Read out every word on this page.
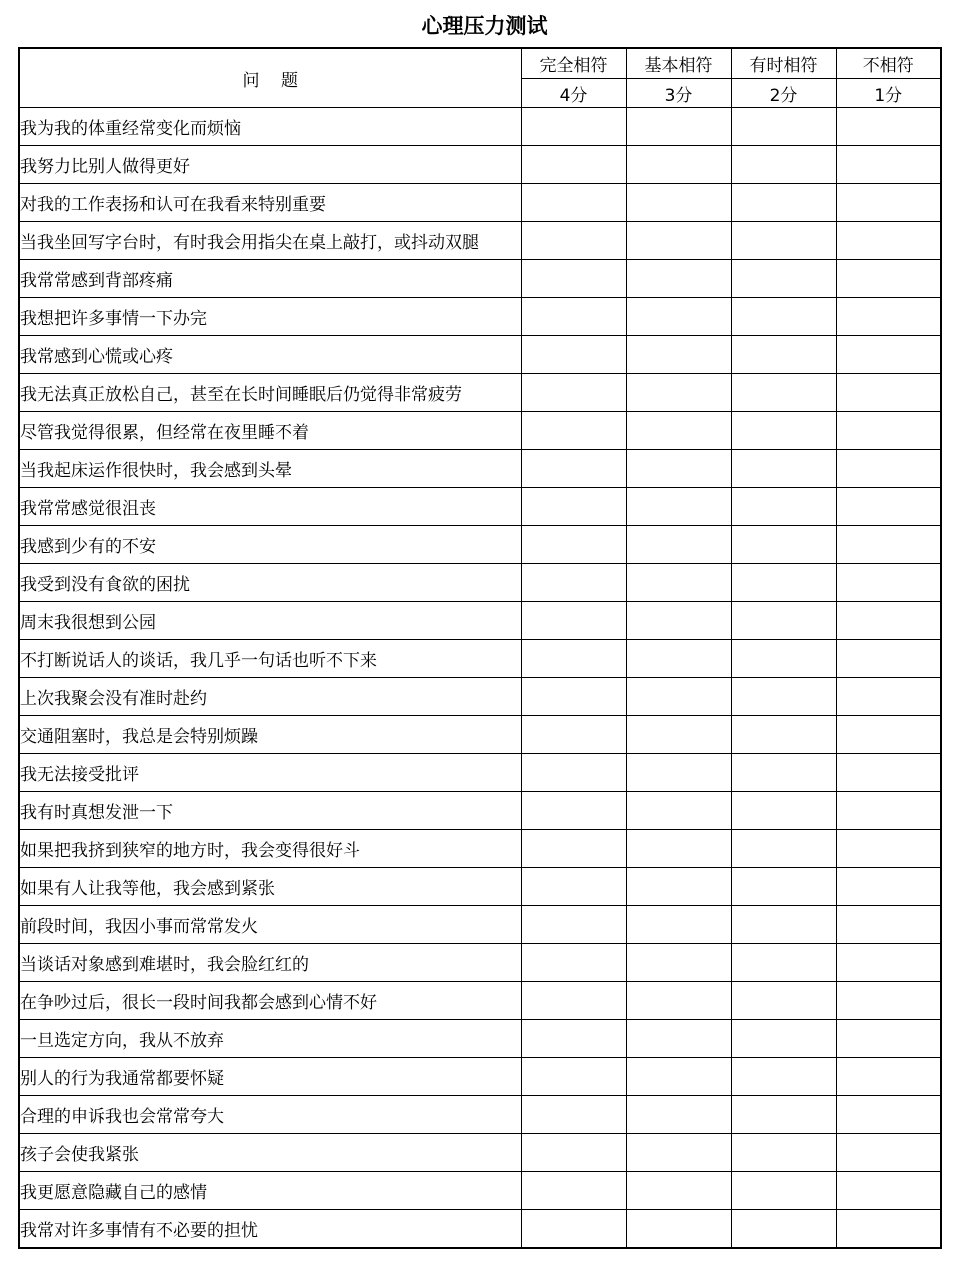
心理压力测试
问    题	完全相符	基本相符	有时相符	不相符
	4分	3分	2分	1分
我为我的体重经常变化而烦恼				
我努力比别人做得更好				
对我的工作表扬和认可在我看来特别重要				
当我坐回写字台时，有时我会用指尖在桌上敲打，或抖动双腿				
我常常感到背部疼痛				
我想把许多事情一下办完				
我常感到心慌或心疼				
我无法真正放松自己，甚至在长时间睡眠后仍觉得非常疲劳				
尽管我觉得很累，但经常在夜里睡不着				
当我起床运作很快时，我会感到头晕				
我常常感觉很沮丧				
我感到少有的不安				
我受到没有食欲的困扰				
周末我很想到公园				
不打断说话人的谈话，我几乎一句话也听不下来				
上次我聚会没有准时赴约				
交通阻塞时，我总是会特别烦躁				
我无法接受批评				
我有时真想发泄一下				
如果把我挤到狭窄的地方时，我会变得很好斗				
如果有人让我等他，我会感到紧张				
前段时间，我因小事而常常发火				
当谈话对象感到难堪时，我会脸红红的				
在争吵过后，很长一段时间我都会感到心情不好				
一旦选定方向，我从不放弃				
别人的行为我通常都要怀疑				
合理的申诉我也会常常夸大				
孩子会使我紧张				
我更愿意隐藏自己的感情				
我常对许多事情有不必要的担忧				
